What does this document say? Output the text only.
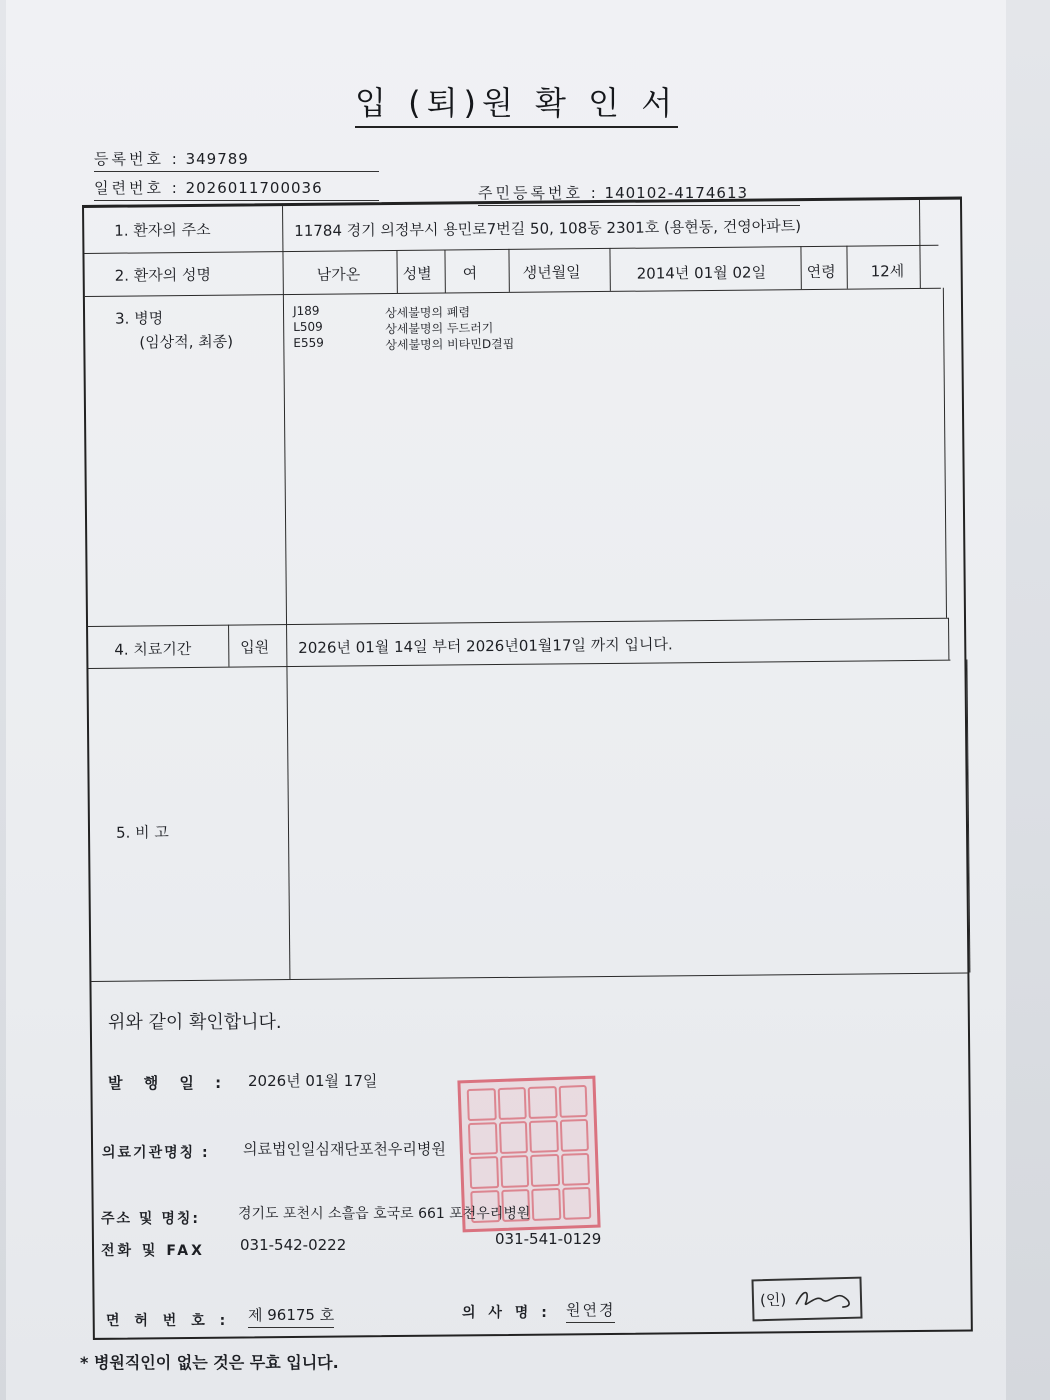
입 (퇴)원 확 인 서
등록번호 : 349789
일련번호 : 2026011700036	주민등록번호 : 140102-4174613
1. 환자의 주소	11784 경기 의정부시 용민로7번길 50, 108동 2301호 (용현동, 건영아파트)
2. 환자의 성명	남가온	성별 여	생년월일	2014년 01월 02일	연령 12세
3. 병명
(임상적, 최종)
J189	상세불명의 폐렴
L509	상세불명의 두드러기
E559	상세불명의 비타민D결핍
4. 치료기간	입원 2026년 01월 14일 부터 2026년01월17일 까지 입니다.
5. 비 고
위와 같이 확인합니다.
발 행 일 : 2026년 01월 17일
의료기관명칭 : 의료법인일심재단포천우리병원
주소 및 명칭:	경기도 포천시 소흘읍 호국로 661 포천우리병원
전화 및 FAX 031-542-0222	031-541-0129
면 허 번 호 : 제 96175 호	의 사 명 : 원연경
(인)
* 병원직인이 없는 것은 무효 입니다.
